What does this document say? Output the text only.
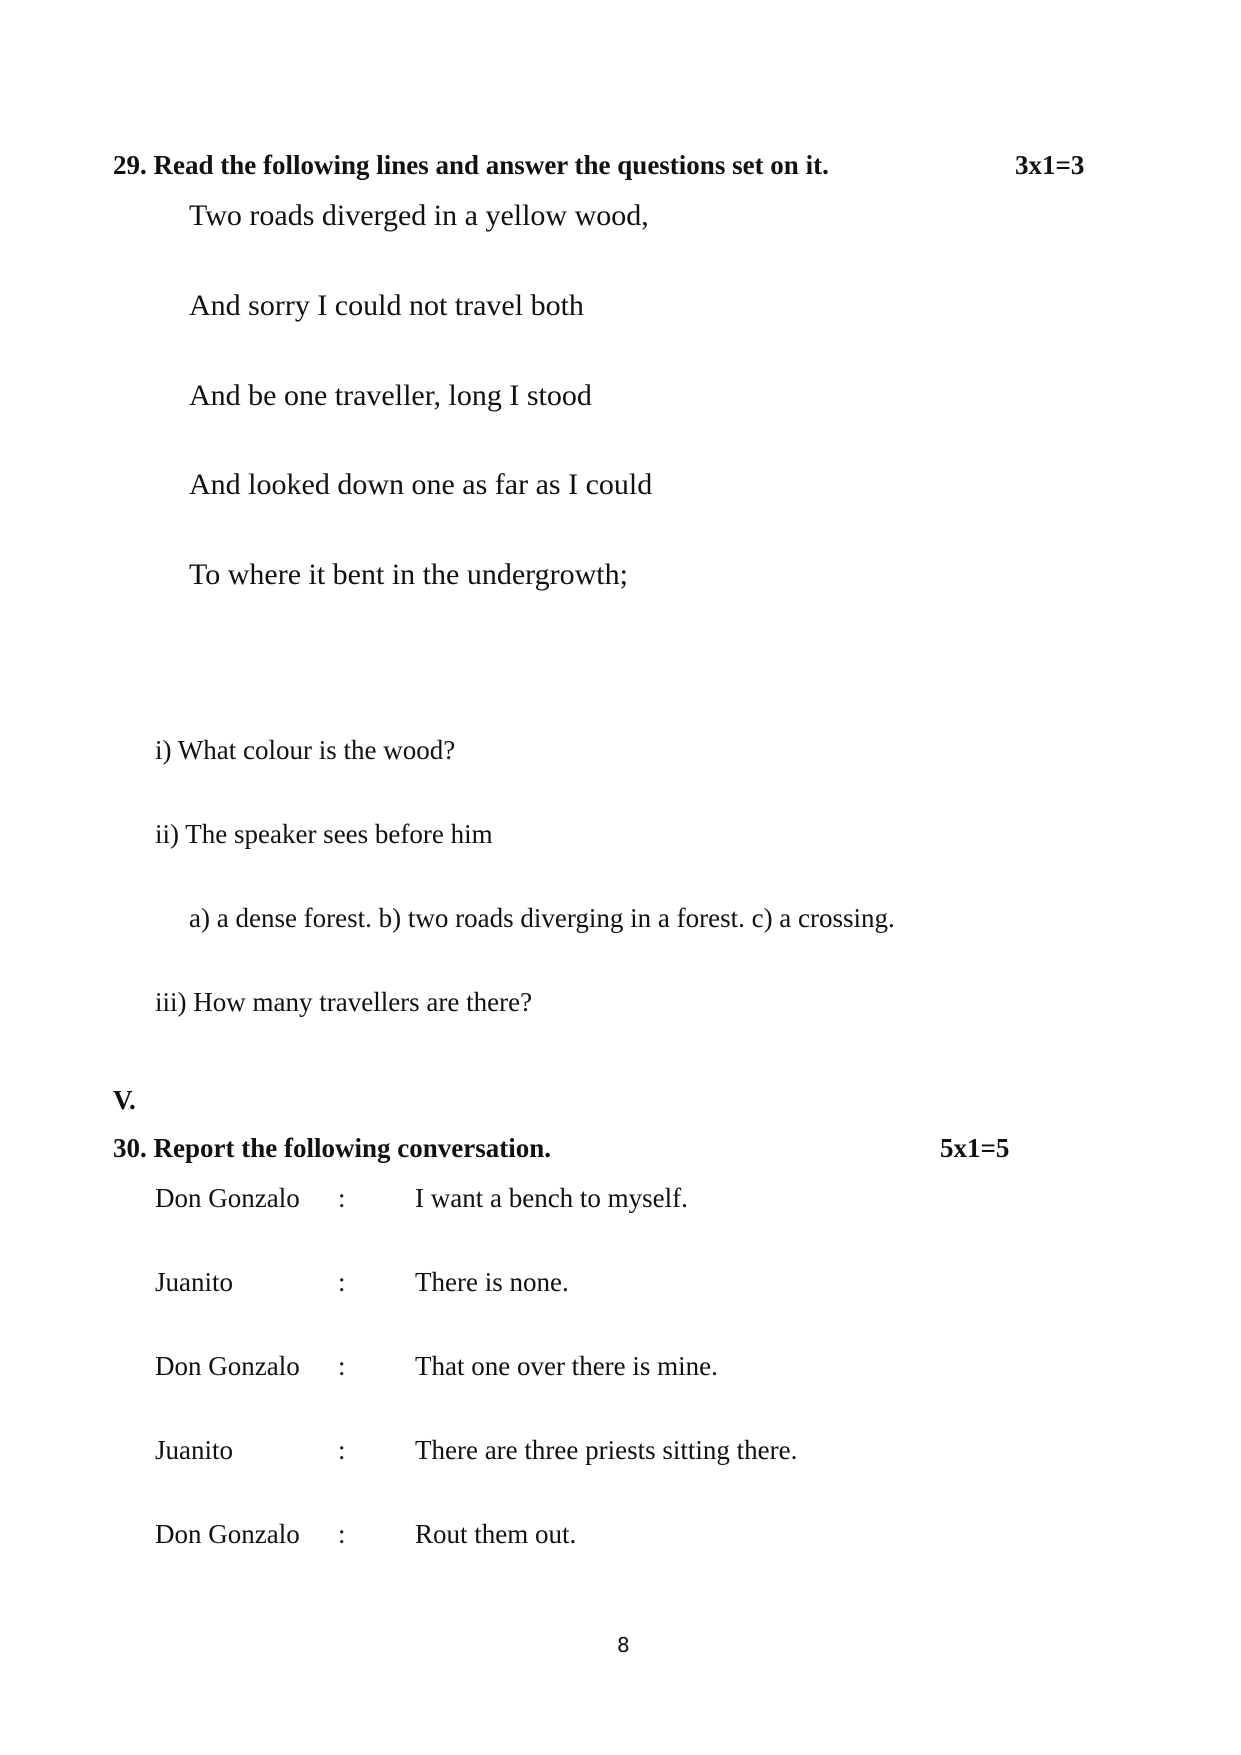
29. Read the following lines and answer the questions set on it.	3x1=3
Two roads diverged in a yellow wood,
And sorry I could not travel both
And be one traveller, long I stood
And looked down one as far as I could
To where it bent in the undergrowth;
i) What colour is the wood?
ii) The speaker sees before him
a) a dense forest. b) two roads diverging in a forest. c) a crossing.
iii) How many travellers are there?
V.
30. Report the following conversation.	5x1=5
Don Gonzalo :	I want a bench to myself.
Juanito	:	There is none.
Don Gonzalo :	That one over there is mine.
Juanito	:	There are three priests sitting there.
Don Gonzalo :	Rout them out.
8
